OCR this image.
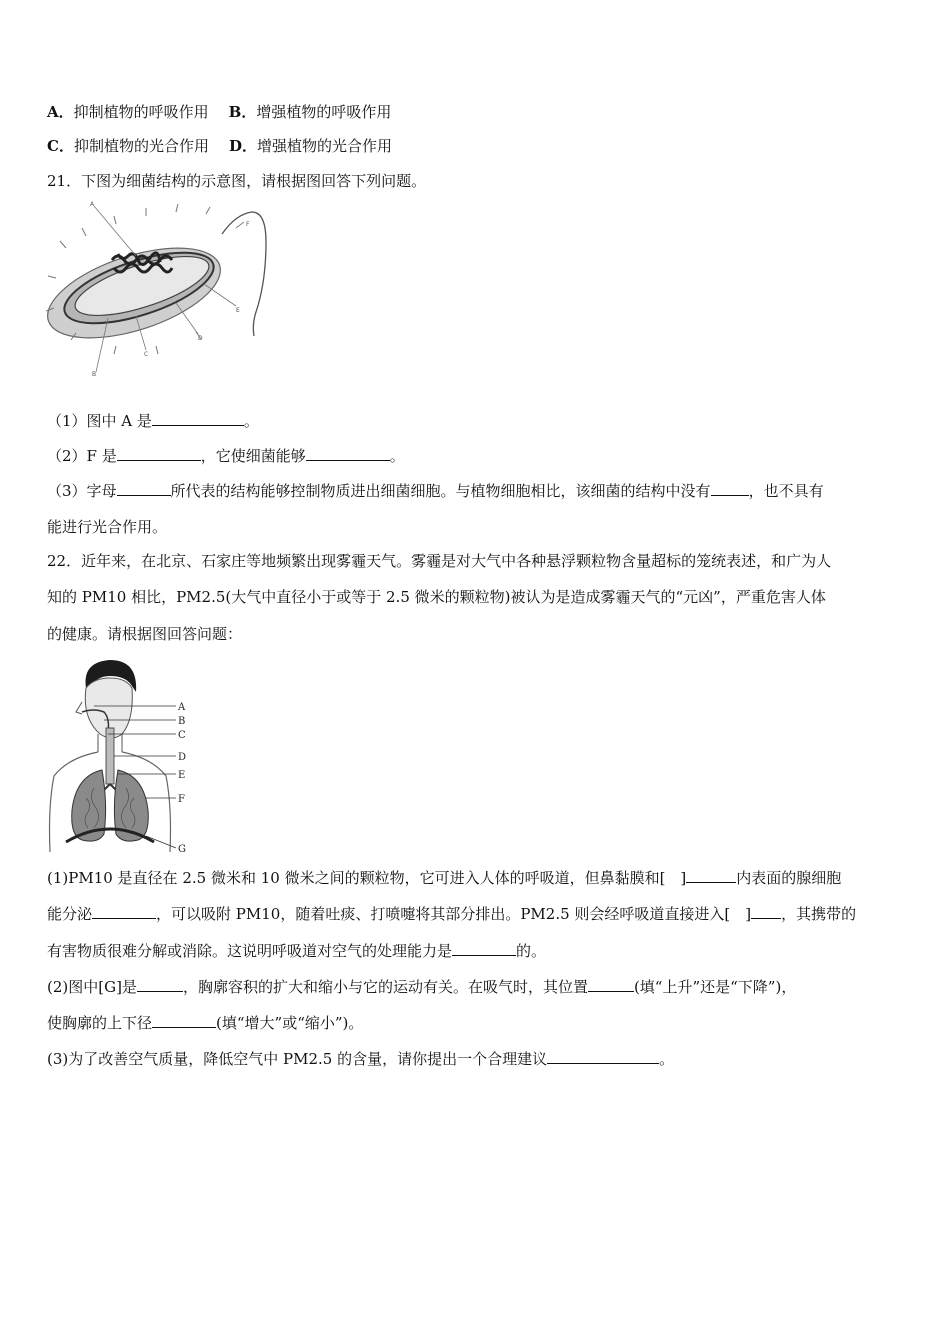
A．抑制植物的呼吸作用 B．增强植物的呼吸作用
C．抑制植物的光合作用 D．增强植物的光合作用
21．下图为细菌结构的示意图，请根据图回答下列问题。
A
B
C
D
E
F
（1）图中 A 是	。
（2）F 是	，它使细菌能够	。
（3）字母	所代表的结构能够控制物质进出细菌细胞。与植物细胞相比，该细菌的结构中没有	，也不具有
能进行光合作用。
22．近年来，在北京、石家庄等地频繁出现雾霾天气。雾霾是对大气中各种悬浮颗粒物含量超标的笼统表述，和广为人
知的 PM10 相比，PM2.5(大气中直径小于或等于 2.5 微米的颗粒物)被认为是造成雾霾天气的“元凶”，严重危害人体
的健康。请根据图回答问题：
A
B
C
D
E
F
G
(1)PM10 是直径在 2.5 微米和 10 微米之间的颗粒物，它可进入人体的呼吸道，但鼻黏膜和[　]	内表面的腺细胞
能分泌	，可以吸附 PM10，随着吐痰、打喷嚏将其部分排出。PM2.5 则会经呼吸道直接进入[　] ，其携带的
有害物质很难分解或消除。这说明呼吸道对空气的处理能力是	的。
(2)图中[G]是	，胸廓容积的扩大和缩小与它的运动有关。在吸气时，其位置	(填“上升”还是“下降”)，
使胸廓的上下径	(填“增大”或“缩小”)。
(3)为了改善空气质量，降低空气中 PM2.5 的含量，请你提出一个合理建议	。
